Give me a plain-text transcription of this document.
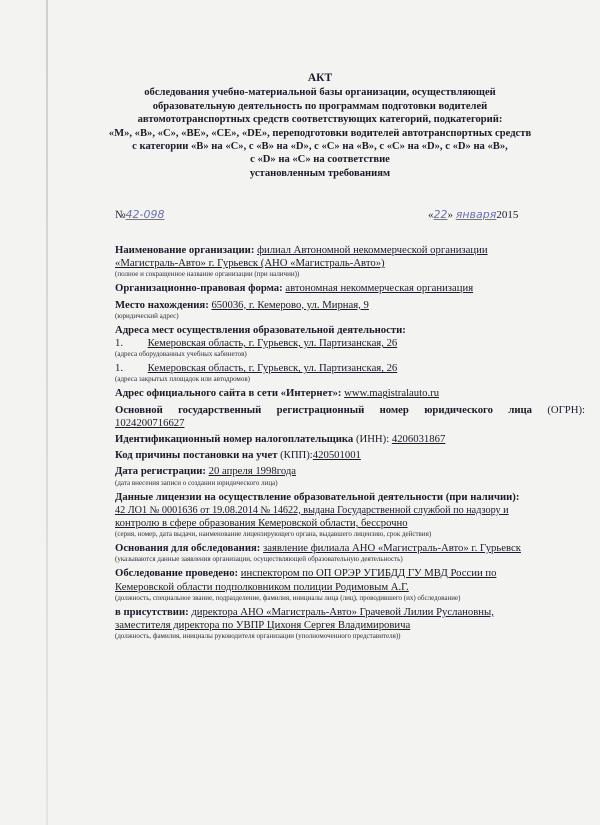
АКТ
обследования учебно-материальной базы организации, осуществляющей
образовательную деятельность по программам подготовки водителей
автомототранспортных средств соответствующих категорий, подкатегорий:
«M», «B», «C», «BE», «CE», «DE», переподготовки водителей автотранспортных средств
с категории «B» на «C», с «B» на «D», с «C» на «B», с «C» на «D», с «D» на «B»,
с «D» на «C» на соответствие
установленным требованиям
№42-098	«22» января2015
Наименование организации: филиал Автономной некоммерческой организации
«Магистраль-Авто» г. Гурьевск (АНО «Магистраль-Авто»)
(полное и сокращенное название организации (при наличии))
Организационно-правовая форма: автономная некоммерческая организация
Место нахождения: 650036, г. Кемерово, ул. Мирная, 9
(юридический адрес)
Адреса мест осуществления образовательной деятельности:
1. Кемеровская область, г. Гурьевск, ул. Партизанская, 26
(адреса оборудованных учебных кабинетов)
1. Кемеровская область, г. Гурьевск, ул. Партизанская, 26
(адреса закрытых площадок или автодромов)
Адрес официального сайта в сети «Интернет»: www.magistralauto.ru
Основной государственный регистрационный номер юридического лица (ОГРН):
1024200716627
Идентификационный номер налогоплательщика (ИНН): 4206031867
Код причины постановки на учет (КПП):420501001
Дата регистрации: 20 апреля 1998года
(дата внесения записи о создании юридического лица)
Данные лицензии на осуществление образовательной деятельности (при наличии):
42 ЛО1 № 0001636 от 19.08.2014 № 14622, выдана Государственной службой по надзору и
контролю в сфере образования Кемеровской области, бессрочно
(серия, номер, дата выдачи, наименование лицензирующего органа, выдавшего лицензию, срок действия)
Основания для обследования: заявление филиала АНО «Магистраль-Авто» г. Гурьевск
(указываются данные заявления организации, осуществляющей образовательную деятельность)
Обследование проведено: инспектором по ОП ОРЭР УГИБДД ГУ МВД России по
Кемеровской области подполковником полиции Родимовым А.Г.
(должность, специальное звание, подразделение, фамилия, инициалы лица (лиц), проводившего (их) обследование)
в присутствии: директора АНО «Магистраль-Авто» Грачевой Лилии Руслановны,
заместителя директора по УВПР Цихоня Сергея Владимировича
(должность, фамилия, инициалы руководителя организации (уполномоченного представителя))
